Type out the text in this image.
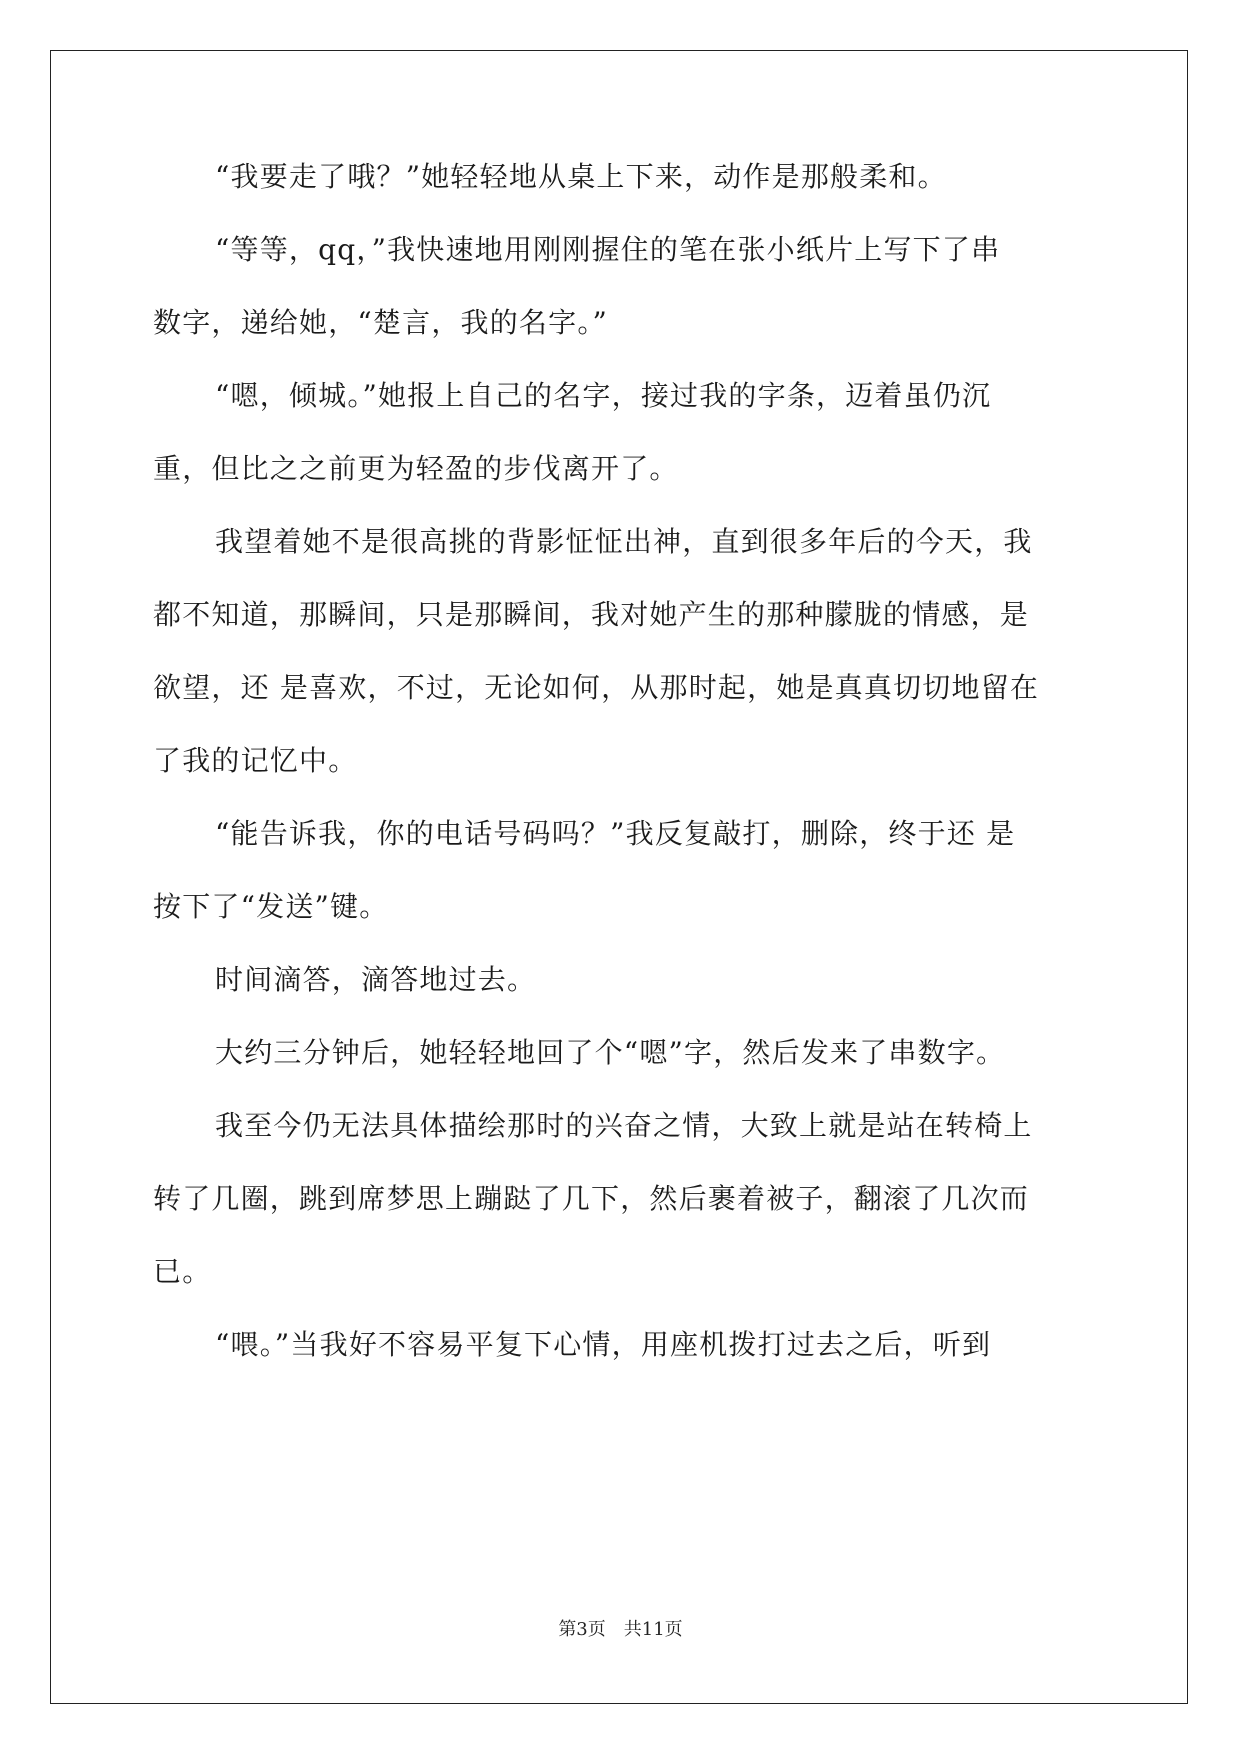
“我要走了哦？”她轻轻地从桌上下来，动作是那般柔和。
“等等，qq，”我快速地用刚刚握住的笔在张小纸片上写下了串
数字，递给她，“楚言，我的名字。”
“嗯，倾城。”她报上自己的名字，接过我的字条，迈着虽仍沉
重，但比之之前更为轻盈的步伐离开了。
我望着她不是很高挑的背影怔怔出神，直到很多年后的今天，我
都不知道，那瞬间，只是那瞬间，我对她产生的那种朦胧的情感，是
欲望，还 是喜欢，不过，无论如何，从那时起，她是真真切切地留在
了我的记忆中。
“能告诉我，你的电话号码吗？”我反复敲打，删除，终于还 是
按下了“发送”键。
时间滴答，滴答地过去。
大约三分钟后，她轻轻地回了个“嗯”字，然后发来了串数字。
我至今仍无法具体描绘那时的兴奋之情，大致上就是站在转椅上
转了几圈，跳到席梦思上蹦跶了几下，然后裹着被子，翻滚了几次而
已。
“喂。”当我好不容易平复下心情，用座机拨打过去之后，听到
第3页　共11页
